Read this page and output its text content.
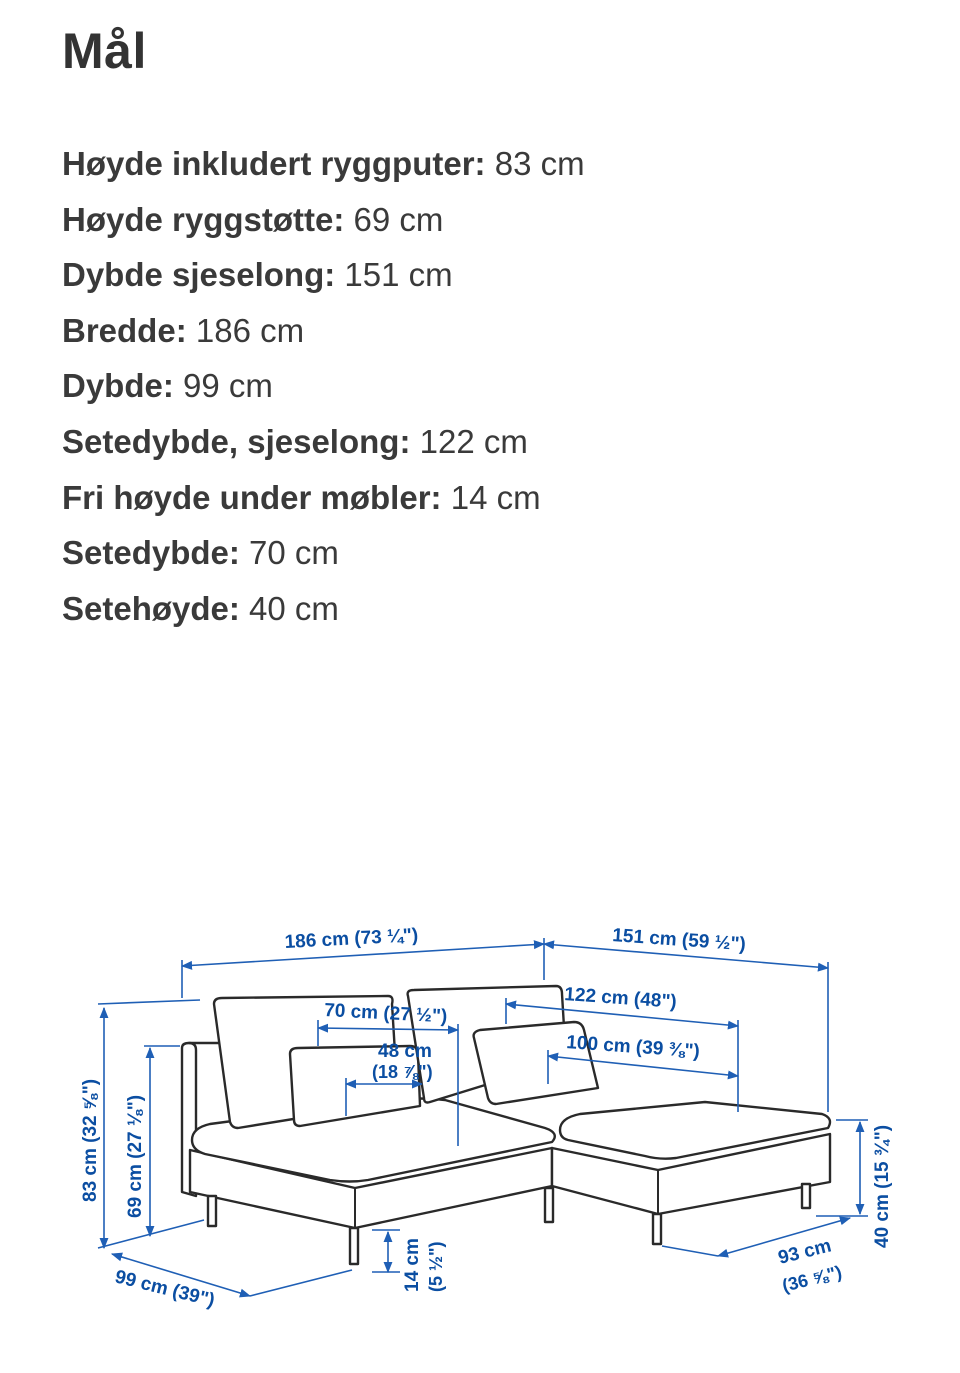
Mål
Høyde inkludert ryggputer: 83 cm
Høyde ryggstøtte: 69 cm
Dybde sjeselong: 151 cm
Bredde: 186 cm
Dybde: 99 cm
Setedybde, sjeselong: 122 cm
Fri høyde under møbler: 14 cm
Setedybde: 70 cm
Setehøyde: 40 cm
186 cm (73 ¼")	151 cm (59 ½")
122 cm (48")
70 cm (27 ½")
48 cm
(18 ⅞")
100 cm (39 ⅜")
83 cm (32 ⅝") 69 cm (27 ⅛")
99 cm (39")	14 cm (5 ½")	93 cm
(36 ⅝")
40 cm (15 ¾")
